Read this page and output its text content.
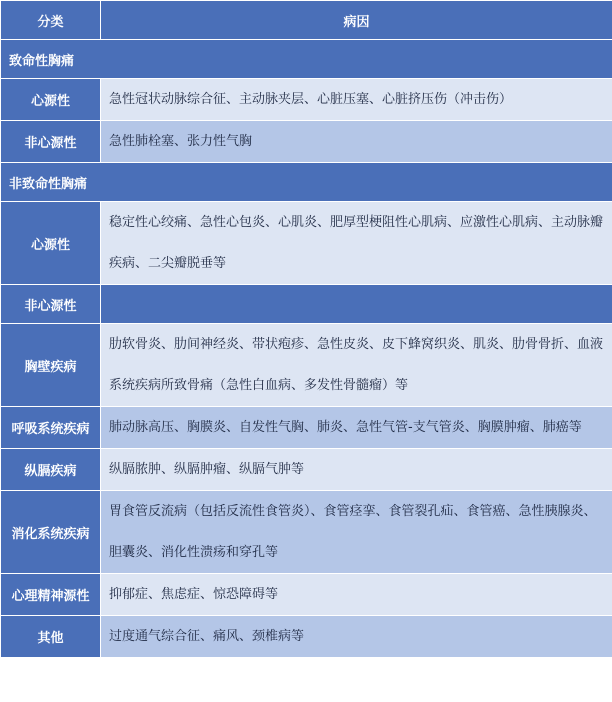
分类	病因
致命性胸痛	
心源性	急性冠状动脉综合征、主动脉夹层、心脏压塞、心脏挤压伤（冲击伤）
非心源性	急性肺栓塞、张力性气胸
非致命性胸痛	
心源性	稳定性心绞痛、急性心包炎、心肌炎、肥厚型梗阻性心肌病、应激性心肌病、主动脉瓣疾病、二尖瓣脱垂等
非心源性	
胸壁疾病	肋软骨炎、肋间神经炎、带状疱疹、急性皮炎、皮下蜂窝织炎、肌炎、肋骨骨折、血液系统疾病所致骨痛（急性白血病、多发性骨髓瘤）等
呼吸系统疾病	肺动脉高压、胸膜炎、自发性气胸、肺炎、急性气管-支气管炎、胸膜肿瘤、肺癌等
纵膈疾病	纵膈脓肿、纵膈肿瘤、纵膈气肿等
消化系统疾病	胃食管反流病（包括反流性食管炎）、食管痉挛、食管裂孔疝、食管癌、急性胰腺炎、胆囊炎、消化性溃疡和穿孔等
心理精神源性	抑郁症、焦虑症、惊恐障碍等
其他	过度通气综合征、痛风、颈椎病等
